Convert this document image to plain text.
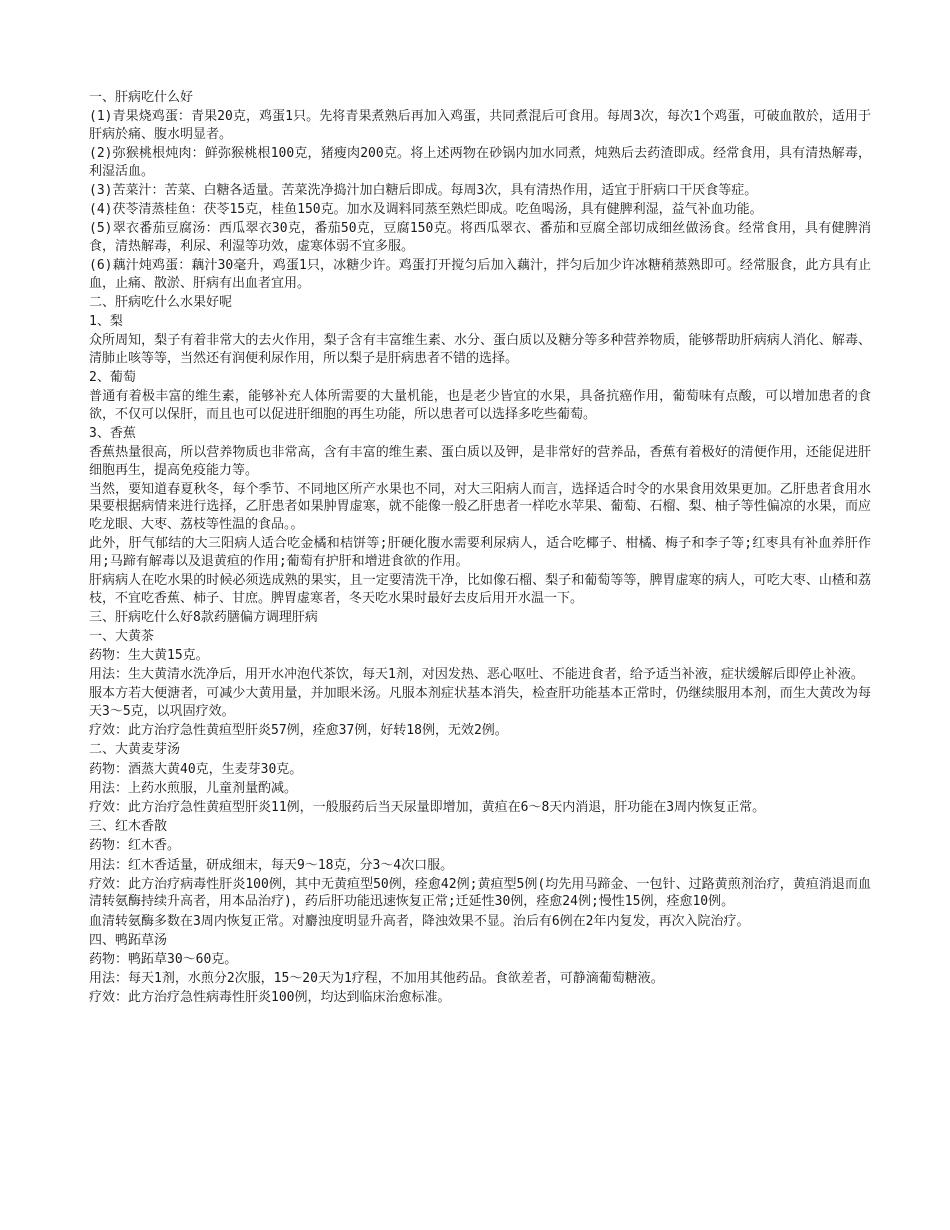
一、肝病吃什么好

(1)青果烧鸡蛋：青果20克，鸡蛋1只。先将青果煮熟后再加入鸡蛋，共同煮混后可食用。每周3次，每次1个鸡蛋，可破血散於，适用于肝病於痛、腹水明显者。

(2)弥猴桃根炖肉：鲜弥猴桃根100克，猪瘦肉200克。将上述两物在砂锅内加水同煮，炖熟后去药渣即成。经常食用，具有清热解毒，利湿活血。

(3)苦菜汁：苦菜、白糖各适量。苦菜洗净捣汁加白糖后即成。每周3次，具有清热作用，适宜于肝病口干厌食等症。

(4)茯苓清蒸桂鱼：茯苓15克，桂鱼150克。加水及调料同蒸至熟烂即成。吃鱼喝汤，具有健脾利湿，益气补血功能。

(5)翠衣番茄豆腐汤：西瓜翠衣30克，番茄50克，豆腐150克。将西瓜翠衣、番茄和豆腐全部切成细丝做汤食。经常食用，具有健脾消食，清热解毒，利尿、利湿等功效，虚寒体弱不宜多服。

(6)藕汁炖鸡蛋：藕汁30毫升，鸡蛋1只，冰糖少许。鸡蛋打开搅匀后加入藕汁，拌匀后加少许冰糖稍蒸熟即可。经常服食，此方具有止血，止痛、散淤、肝病有出血者宜用。

二、肝病吃什么水果好呢

1、梨

众所周知，梨子有着非常大的去火作用，梨子含有丰富维生素、水分、蛋白质以及糖分等多种营养物质，能够帮助肝病病人消化、解毒、清肺止咳等等，当然还有润便利尿作用，所以梨子是肝病患者不错的选择。

2、葡萄

普通有着极丰富的维生素，能够补充人体所需要的大量机能，也是老少皆宜的水果，具备抗癌作用，葡萄味有点酸，可以增加患者的食欲，不仅可以保肝，而且也可以促进肝细胞的再生功能，所以患者可以选择多吃些葡萄。

3、香蕉

香蕉热量很高，所以营养物质也非常高，含有丰富的维生素、蛋白质以及钾，是非常好的营养品，香蕉有着极好的清便作用，还能促进肝细胞再生，提高免疫能力等。

当然，要知道春夏秋冬，每个季节、不同地区所产水果也不同，对大三阳病人而言，选择适合时令的水果食用效果更加。乙肝患者食用水果要根据病情来进行选择，乙肝患者如果肿胃虚寒，就不能像一般乙肝患者一样吃水苹果、葡萄、石榴、梨、柚子等性偏凉的水果，而应吃龙眼、大枣、荔枝等性温的食品。。

此外，肝气郁结的大三阳病人适合吃金橘和桔饼等;肝硬化腹水需要利尿病人，适合吃椰子、柑橘、梅子和李子等;红枣具有补血养肝作用;马蹄有解毒以及退黄疸的作用;葡萄有护肝和增进食欲的作用。

肝病病人在吃水果的时候必须选成熟的果实，且一定要清洗干净，比如像石榴、梨子和葡萄等等，脾胃虚寒的病人，可吃大枣、山楂和荔枝，不宜吃香蕉、柿子、甘庶。脾胃虚寒者，冬天吃水果时最好去皮后用开水温一下。

三、肝病吃什么好8款药膳偏方调理肝病

一、大黄茶

药物：生大黄15克。

用法：生大黄清水洗净后，用开水冲泡代茶饮，每天1剂，对因发热、恶心呕吐、不能进食者，给予适当补液，症状缓解后即停止补液。

服本方若大便溏者，可减少大黄用量，并加眼米汤。凡服本剂症状基本消失，检查肝功能基本正常时，仍继续服用本剂，而生大黄改为每天3～5克，以巩固疗效。

疗效：此方治疗急性黄疸型肝炎57例，痊愈37例，好转18例，无效2例。

二、大黄麦芽汤

药物：酒蒸大黄40克，生麦芽30克。

用法：上药水煎服，儿童剂量酌减。

疗效：此方治疗急性黄疸型肝炎11例，一般服药后当天尿量即增加，黄疸在6～8天内消退，肝功能在3周内恢复正常。

三、红木香散

药物：红木香。

用法：红木香适量，研成细末，每天9～18克，分3～4次口服。

疗效：此方治疗病毒性肝炎100例，其中无黄疸型50例，痊愈42例;黄疸型5例(均先用马蹄金、一包针、过路黄煎剂治疗，黄疸消退而血清转氨酶持续升高者，用本品治疗)，药后肝功能迅速恢复正常;迁延性30例，痊愈24例;慢性15例，痊愈10例。

血清转氨酶多数在3周内恢复正常。对麝浊度明显升高者，降浊效果不显。治后有6例在2年内复发，再次入院治疗。

四、鸭跖草汤

药物：鸭跖草30～60克。

用法：每天1剂，水煎分2次服，15～20天为1疗程，不加用其他药品。食欲差者，可静滴葡萄糖液。

疗效：此方治疗急性病毒性肝炎100例，均达到临床治愈标准。
